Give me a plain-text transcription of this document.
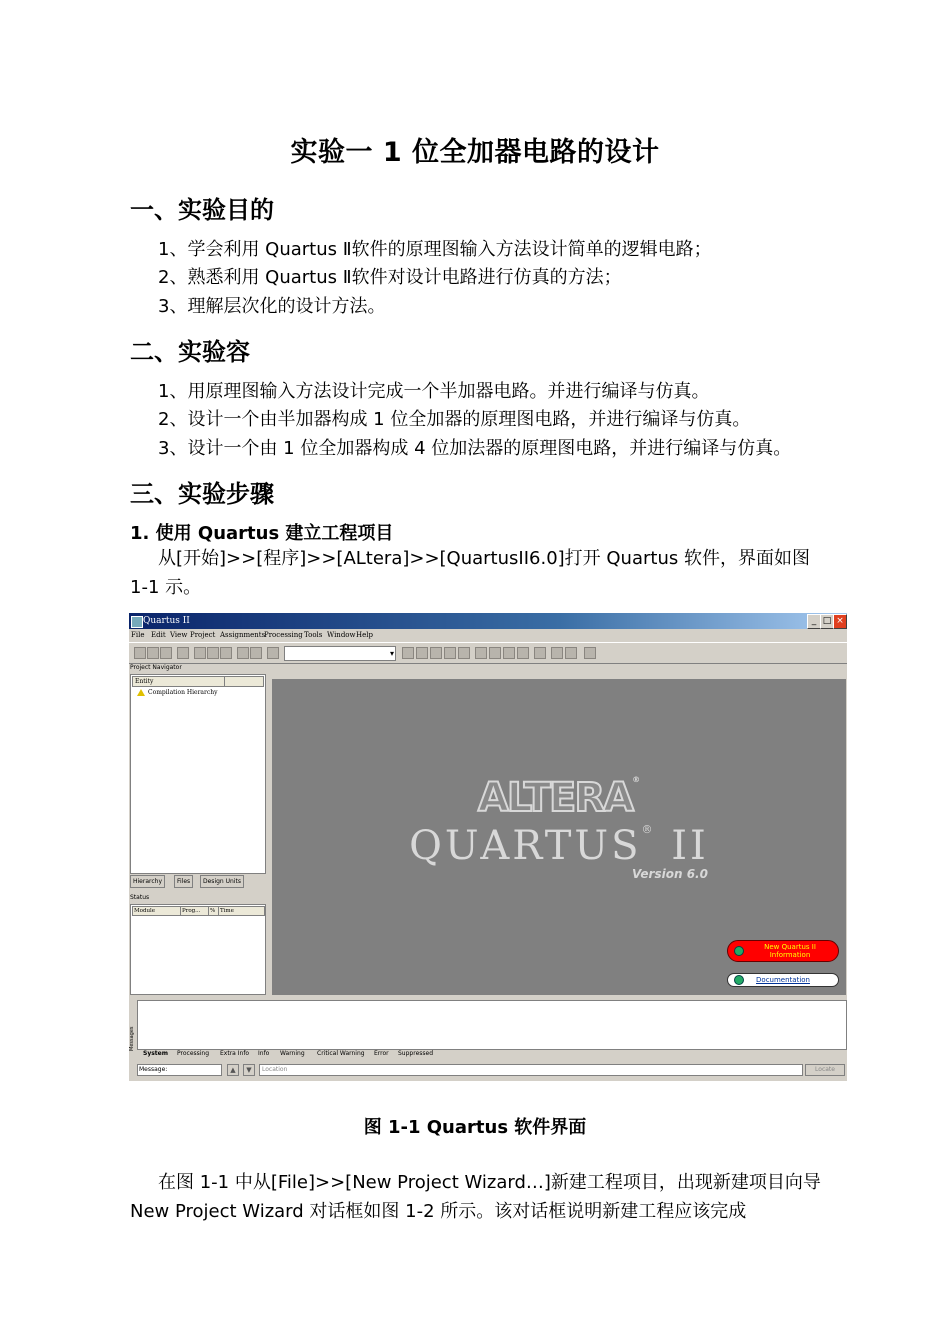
实验一 1 位全加器电路的设计
一、实验目的
1、学会利用 Quartus Ⅱ软件的原理图输入方法设计简单的逻辑电路；
2、熟悉利用 Quartus Ⅱ软件对设计电路进行仿真的方法；
3、理解层次化的设计方法。
二、实验容
1、用原理图输入方法设计完成一个半加器电路。并进行编译与仿真。
2、设计一个由半加器构成 1 位全加器的原理图电路，并进行编译与仿真。
3、设计一个由 1 位全加器构成 4 位加法器的原理图电路，并进行编译与仿真。
三、实验步骤
1. 使用 Quartus 建立工程项目
从[开始]>>[程序]>>[ALtera]>>[QuartusII6.0]打开 Quartus 软件，界面如图 1-1 示。
Quartus II	_ □ ×
File Edit View Project Assignments
Processing Tools Window Help
▾
Project Navigator
Entity
Compilation Hierarchy
Hierarchy	Files	Design Units
Status
Module	Prog...	% Time
ALTERA®
QUARTUS® II
Version 6.0
New Quartus II
Information
Documentation
Messages
System Processing Extra Info Info Warning Critical Warning Error Suppressed
Message:	▲	▼	Location	Locate
图 1-1 Quartus 软件界面
在图 1-1 中从[File]>>[New Project Wizard…]新建工程项目，出现新建项目向导 New Project Wizard 对话框如图 1-2 所示。该对话框说明新建工程应该完成
